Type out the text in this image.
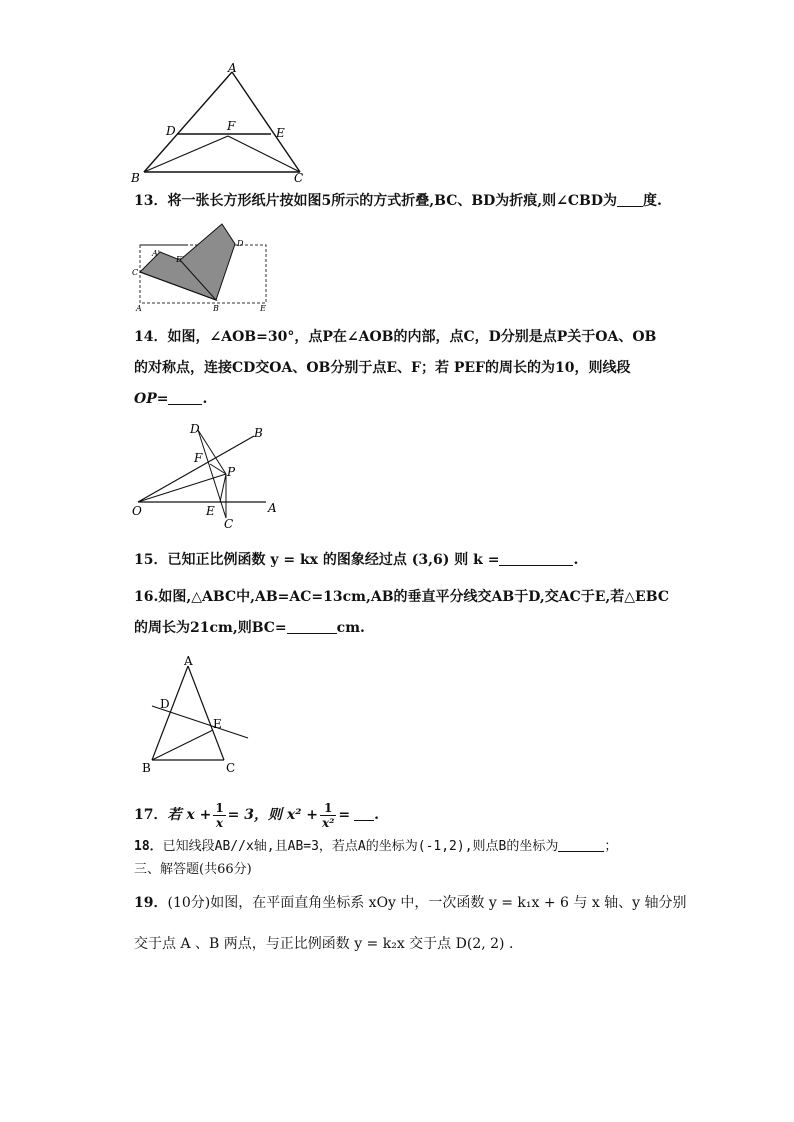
A
D	F	E
B	C
13．将一张长方形纸片按如图5所示的方式折叠,BC、BD为折痕,则∠CBD为 度.
A'
E'
D
C
A	B	E
14．如图，∠AOB=30°，点P在∠AOB的内部，点C，D分别是点P关于OA、OB
的对称点，连接CD交OA、OB分别于点E、F；若 PEF的周长的为10，则线段
OP= .
D	B
F
P
O	E
C
A
15．已知正比例函数 y = kx 的图象经过点 (3,6) 则 k =	.
16.如图,△ABC中,AB=AC=13cm,AB的垂直平分线交AB于D,交AC于E,若△EBC
的周长为21cm,则BC=	cm.
A
D
E
B	C
17．若 $x + \frac{1}{x} = 3$，则 $x^2 + \frac{1}{\text{x²}}$ = .
18．已知线段AB//x轴,且AB=3，若点A的坐标为(-1,2),则点B的坐标为	；
三、解答题(共66分)
19．(10分)如图，在平面直角坐标系 xOy 中，一次函数 y = k₁x + 6 与 x 轴、y 轴分别
交于点 A 、B 两点，与正比例函数 y = k₂x 交于点 D(2, 2) .
